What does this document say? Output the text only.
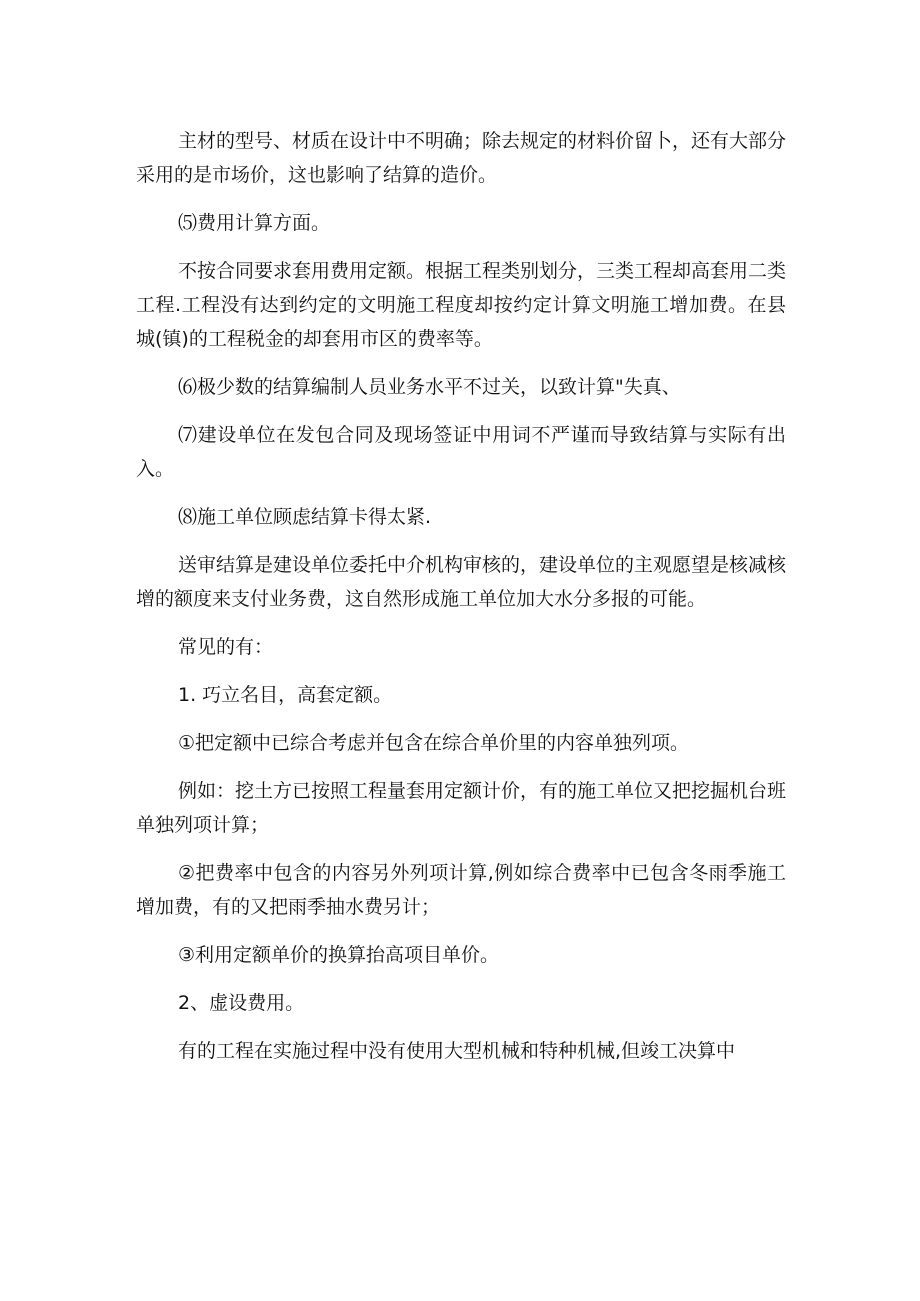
主材的型号、材质在设计中不明确；除去规定的材料价留卜，还有大部分采用的是市场价，这也影响了结算的造价。

⑸费用计算方面。

不按合同要求套用费用定额。根据工程类别划分，三类工程却高套用二类工程.工程没有达到约定的文明施工程度却按约定计算文明施工增加费。在县城(镇)的工程税金的却套用市区的费率等。

⑹极少数的结算编制人员业务水平不过关，以致计算"失真、

⑺建设单位在发包合同及现场签证中用词不严谨而导致结算与实际有出入。

⑻施工单位顾虑结算卡得太紧.

送审结算是建设单位委托中介机构审核的，建设单位的主观愿望是核减核增的额度来支付业务费，这自然形成施工单位加大水分多报的可能。

常见的有：

1. 巧立名目，高套定额。

①把定额中已综合考虑并包含在综合单价里的内容单独列项。

例如：挖土方已按照工程量套用定额计价，有的施工单位又把挖掘机台班单独列项计算；

②把费率中包含的内容另外列项计算,例如综合费率中已包含冬雨季施工增加费，有的又把雨季抽水费另计；

③利用定额单价的换算抬高项目单价。

2、虚设费用。

有的工程在实施过程中没有使用大型机械和特种机械,但竣工决算中
